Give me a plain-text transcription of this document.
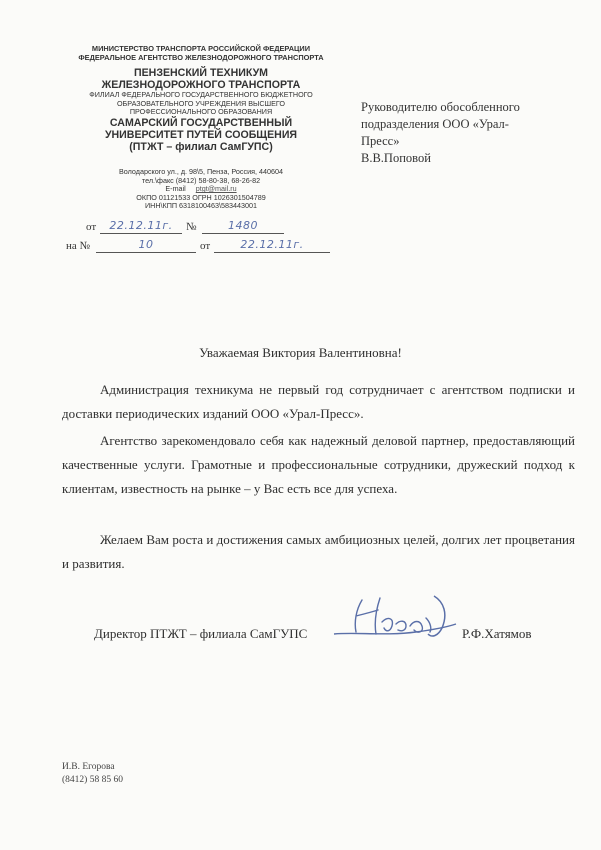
МИНИСТЕРСТВО ТРАНСПОРТА РОССИЙСКОЙ ФЕДЕРАЦИИ
ФЕДЕРАЛЬНОЕ АГЕНТСТВО ЖЕЛЕЗНОДОРОЖНОГО ТРАНСПОРТА
ПЕНЗЕНСКИЙ ТЕХНИКУМ
ЖЕЛЕЗНОДОРОЖНОГО ТРАНСПОРТА
ФИЛИАЛ ФЕДЕРАЛЬНОГО ГОСУДАРСТВЕННОГО БЮДЖЕТНОГО
ОБРАЗОВАТЕЛЬНОГО УЧРЕЖДЕНИЯ ВЫСШЕГО
ПРОФЕССИОНАЛЬНОГО ОБРАЗОВАНИЯ
САМАРСКИЙ ГОСУДАРСТВЕННЫЙ
УНИВЕРСИТЕТ ПУТЕЙ СООБЩЕНИЯ
(ПТЖТ – филиал СамГУПС)
Володарского ул., д. 98\5, Пенза, Россия, 440604
тел.\факс (8412) 58-80-38, 68-26-82
E-mail ptgt@mail.ru
ОКПО 01121533 ОГРН 1026301504789
ИНН\КПП 6318100463\583443001
от	22.12.11г.	№	1480
на №	10	от	22.12.11г.
Руководителю обособленного
подразделения ООО «Урал-
Пресс»
В.В.Поповой
Уважаемая Виктория Валентиновна!
Администрация техникума не первый год сотрудничает с агентством подписки и доставки периодических изданий ООО «Урал-Пресс».
Агентство зарекомендовало себя как надежный деловой партнер, предоставляющий качественные услуги. Грамотные и профессиональные сотрудники, дружеский подход к клиентам, известность на рынке – у Вас есть все для успеха.
Желаем Вам роста и достижения самых амбициозных целей, долгих лет процветания и развития.
Директор ПТЖТ – филиала СамГУПС	Р.Ф.Хатямов
И.В. Егорова
(8412) 58 85 60
